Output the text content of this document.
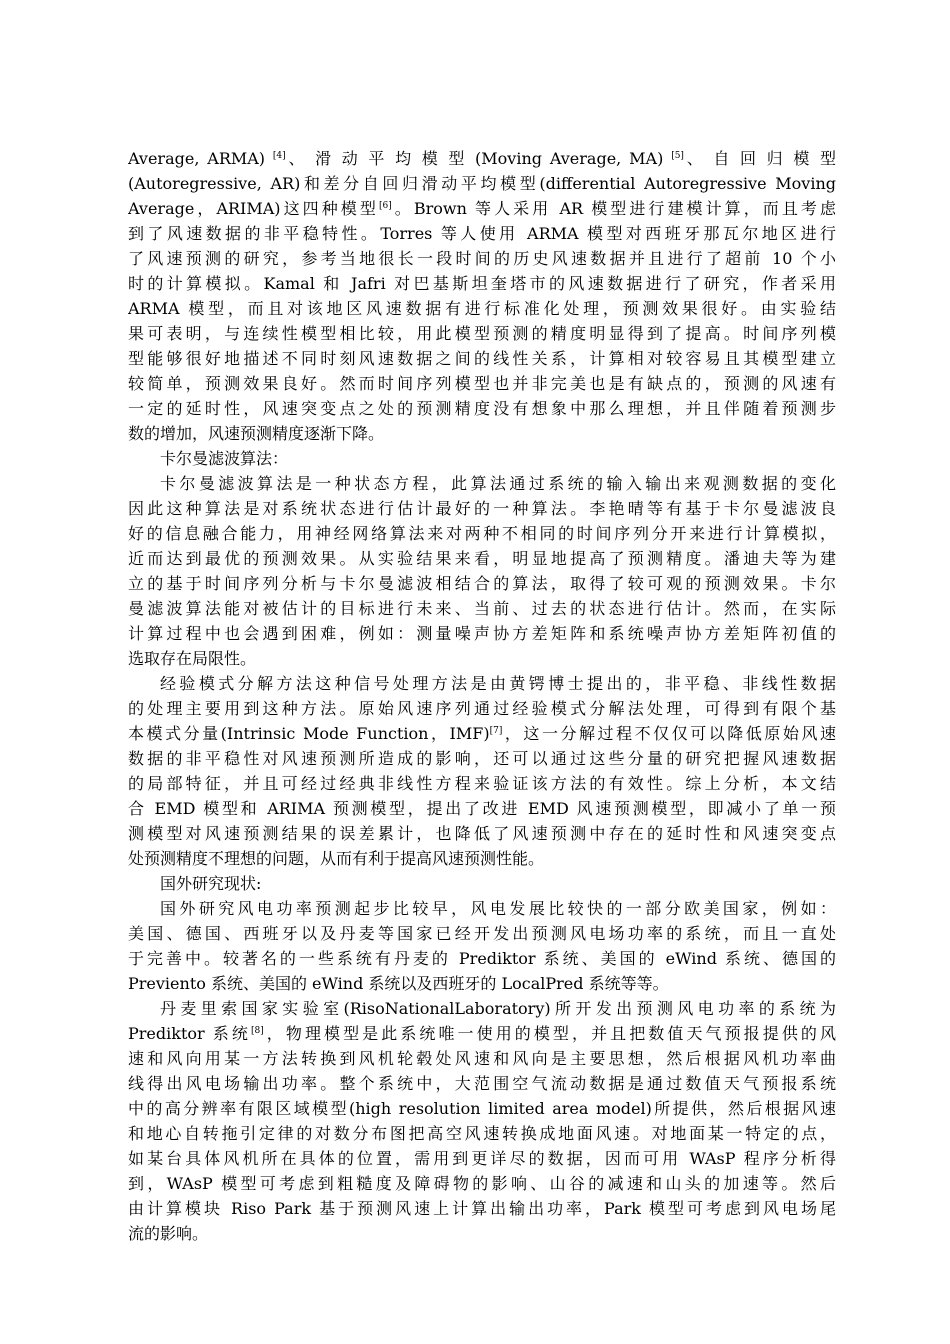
Average, ARMA) [4]、 滑 动 平 均 模 型 (Moving Average, MA) [5]、 自 回 归 模 型

(Autoregressive, AR)和差分自回归滑动平均模型(differential Autoregressive Moving

Average，ARIMA)这四种模型[6]。Brown 等人采用 AR 模型进行建模计算，而且考虑

到了风速数据的非平稳特性。Torres 等人使用 ARMA 模型对西班牙那瓦尔地区进行

了风速预测的研究，参考当地很长一段时间的历史风速数据并且进行了超前 10 个小

时的计算模拟。Kamal 和 Jafri 对巴基斯坦奎塔市的风速数据进行了研究，作者采用

ARMA 模型，而且对该地区风速数据有进行标准化处理，预测效果很好。由实验结

果可表明，与连续性模型相比较，用此模型预测的精度明显得到了提高。时间序列模

型能够很好地描述不同时刻风速数据之间的线性关系，计算相对较容易且其模型建立

较简单，预测效果良好。然而时间序列模型也并非完美也是有缺点的，预测的风速有

一定的延时性，风速突变点之处的预测精度没有想象中那么理想，并且伴随着预测步

数的增加，风速预测精度逐渐下降。

卡尔曼滤波算法：

卡尔曼滤波算法是一种状态方程，此算法通过系统的输入输出来观测数据的变化

因此这种算法是对系统状态进行估计最好的一种算法。李艳晴等有基于卡尔曼滤波良

好的信息融合能力，用神经网络算法来对两种不相同的时间序列分开来进行计算模拟，

近而达到最优的预测效果。从实验结果来看，明显地提高了预测精度。潘迪夫等为建

立的基于时间序列分析与卡尔曼滤波相结合的算法，取得了较可观的预测效果。卡尔

曼滤波算法能对被估计的目标进行未来、当前、过去的状态进行估计。然而，在实际

计算过程中也会遇到困难，例如：测量噪声协方差矩阵和系统噪声协方差矩阵初值的

选取存在局限性。

经验模式分解方法这种信号处理方法是由黄锷博士提出的，非平稳、非线性数据

的处理主要用到这种方法。原始风速序列通过经验模式分解法处理，可得到有限个基

本模式分量(Intrinsic Mode Function，IMF)[7]，这一分解过程不仅仅可以降低原始风速

数据的非平稳性对风速预测所造成的影响，还可以通过这些分量的研究把握风速数据

的局部特征，并且可经过经典非线性方程来验证该方法的有效性。综上分析，本文结

合 EMD 模型和 ARIMA 预测模型，提出了改进 EMD 风速预测模型，即减小了单一预

测模型对风速预测结果的误差累计，也降低了风速预测中存在的延时性和风速突变点

处预测精度不理想的问题，从而有利于提高风速预测性能。

国外研究现状:

国外研究风电功率预测起步比较早，风电发展比较快的一部分欧美国家，例如：

美国、德国、西班牙以及丹麦等国家已经开发出预测风电场功率的系统，而且一直处

于完善中。较著名的一些系统有丹麦的 Prediktor 系统、美国的 eWind 系统、德国的

Previento 系统、美国的 eWind 系统以及西班牙的 LocalPred 系统等等。

丹麦里索国家实验室(RisoNationalLaboratory)所开发出预测风电功率的系统为

Prediktor 系统[8]，物理模型是此系统唯一使用的模型，并且把数值天气预报提供的风

速和风向用某一方法转换到风机轮毂处风速和风向是主要思想，然后根据风机功率曲

线得出风电场输出功率。整个系统中，大范围空气流动数据是通过数值天气预报系统

中的高分辨率有限区域模型(high resolution limited area model)所提供，然后根据风速

和地心自转拖引定律的对数分布图把高空风速转换成地面风速。对地面某一特定的点，

如某台具体风机所在具体的位置，需用到更详尽的数据，因而可用 WAsP 程序分析得

到，WAsP 模型可考虑到粗糙度及障碍物的影响、山谷的减速和山头的加速等。然后

由计算模块 Riso Park 基于预测风速上计算出输出功率，Park 模型可考虑到风电场尾

流的影响。
